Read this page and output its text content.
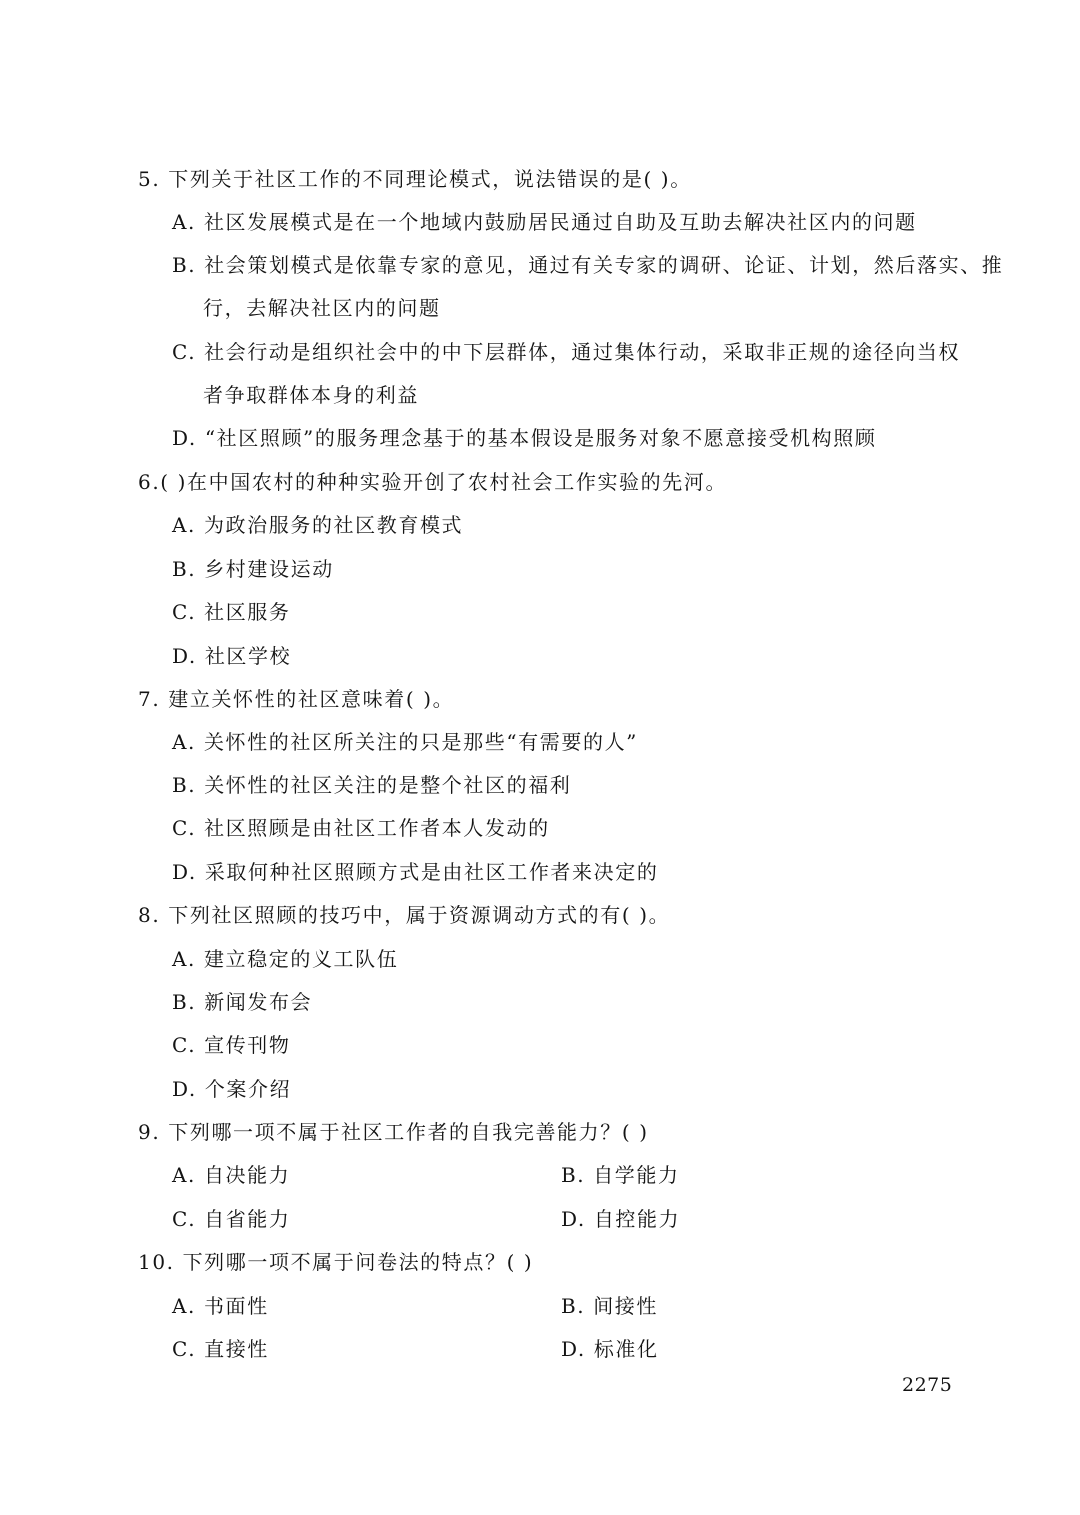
5. 下列关于社区工作的不同理论模式，说法错误的是( )。
A. 社区发展模式是在一个地域内鼓励居民通过自助及互助去解决社区内的问题
B. 社会策划模式是依靠专家的意见，通过有关专家的调研、论证、计划，然后落实、推
行，去解决社区内的问题
C. 社会行动是组织社会中的中下层群体，通过集体行动，采取非正规的途径向当权
者争取群体本身的利益
D. “社区照顾”的服务理念基于的基本假设是服务对象不愿意接受机构照顾
6.( )在中国农村的种种实验开创了农村社会工作实验的先河。
A. 为政治服务的社区教育模式
B. 乡村建设运动
C. 社区服务
D. 社区学校
7. 建立关怀性的社区意味着( )。
A. 关怀性的社区所关注的只是那些“有需要的人”
B. 关怀性的社区关注的是整个社区的福利
C. 社区照顾是由社区工作者本人发动的
D. 采取何种社区照顾方式是由社区工作者来决定的
8. 下列社区照顾的技巧中，属于资源调动方式的有( )。
A. 建立稳定的义工队伍
B. 新闻发布会
C. 宣传刊物
D. 个案介绍
9. 下列哪一项不属于社区工作者的自我完善能力？( )
A. 自决能力	B. 自学能力
C. 自省能力	D. 自控能力
10. 下列哪一项不属于问卷法的特点？( )
A. 书面性	B. 间接性
C. 直接性	D. 标准化
2275
